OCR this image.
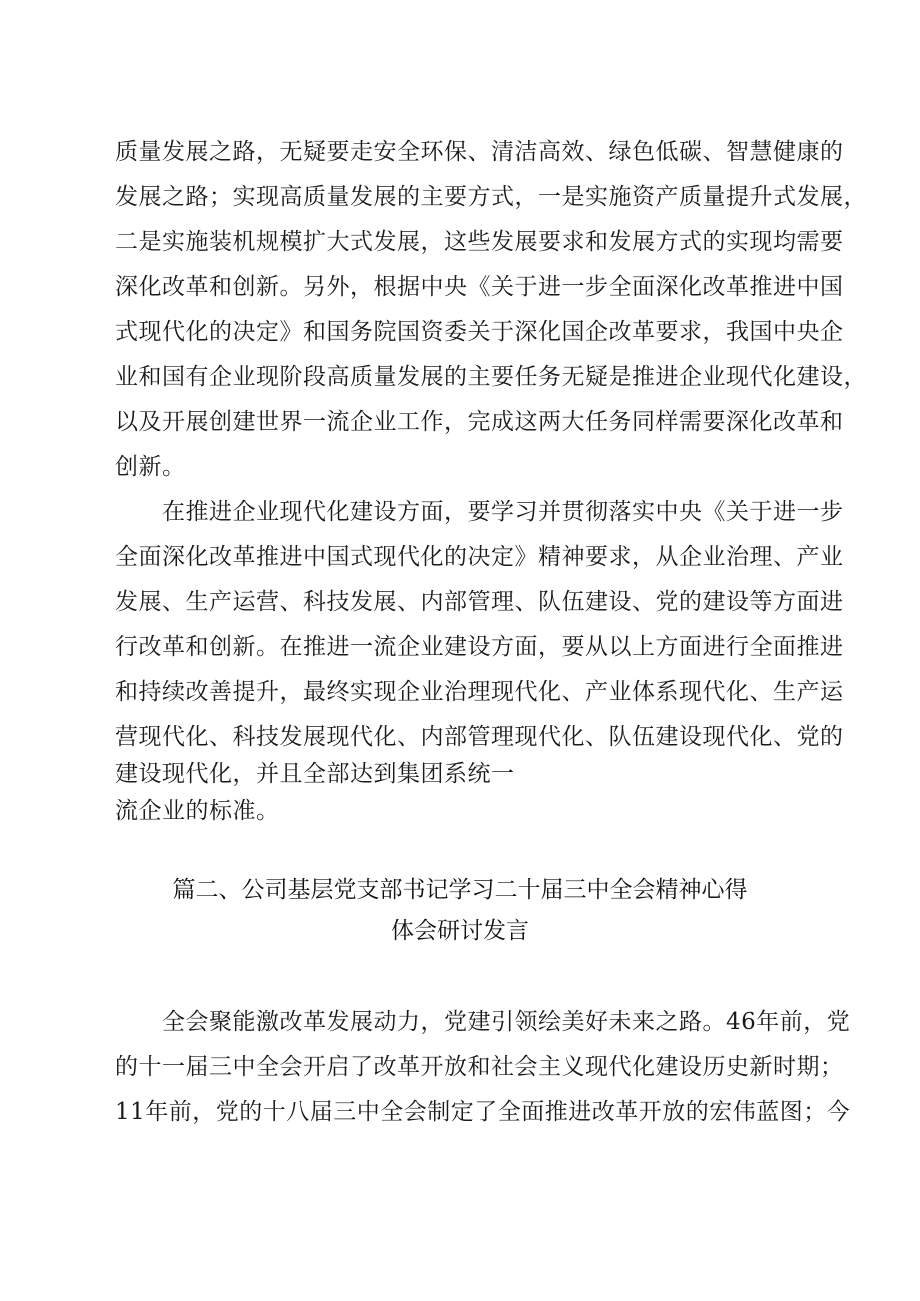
质量发展之路，无疑要走安全环保、清洁高效、绿色低碳、智慧健康的
发展之路；实现高质量发展的主要方式，一是实施资产质量提升式发展，
二是实施装机规模扩大式发展，这些发展要求和发展方式的实现均需要
深化改革和创新。另外，根据中央《关于进一步全面深化改革推进中国
式现代化的决定》和国务院国资委关于深化国企改革要求，我国中央企
业和国有企业现阶段高质量发展的主要任务无疑是推进企业现代化建设，
以及开展创建世界一流企业工作，完成这两大任务同样需要深化改革和
创新。
在推进企业现代化建设方面，要学习并贯彻落实中央《关于进一步
全面深化改革推进中国式现代化的决定》精神要求，从企业治理、产业
发展、生产运营、科技发展、内部管理、队伍建设、党的建设等方面进
行改革和创新。在推进一流企业建设方面，要从以上方面进行全面推进
和持续改善提升，最终实现企业治理现代化、产业体系现代化、生产运
营现代化、科技发展现代化、内部管理现代化、队伍建设现代化、党的
建设现代化，并且全部达到集团系统一
流企业的标准。
篇二、公司基层党支部书记学习二十届三中全会精神心得
体会研讨发言
全会聚能激改革发展动力，党建引领绘美好未来之路。46年前，党
的十一届三中全会开启了改革开放和社会主义现代化建设历史新时期；
11年前，党的十八届三中全会制定了全面推进改革开放的宏伟蓝图；今
